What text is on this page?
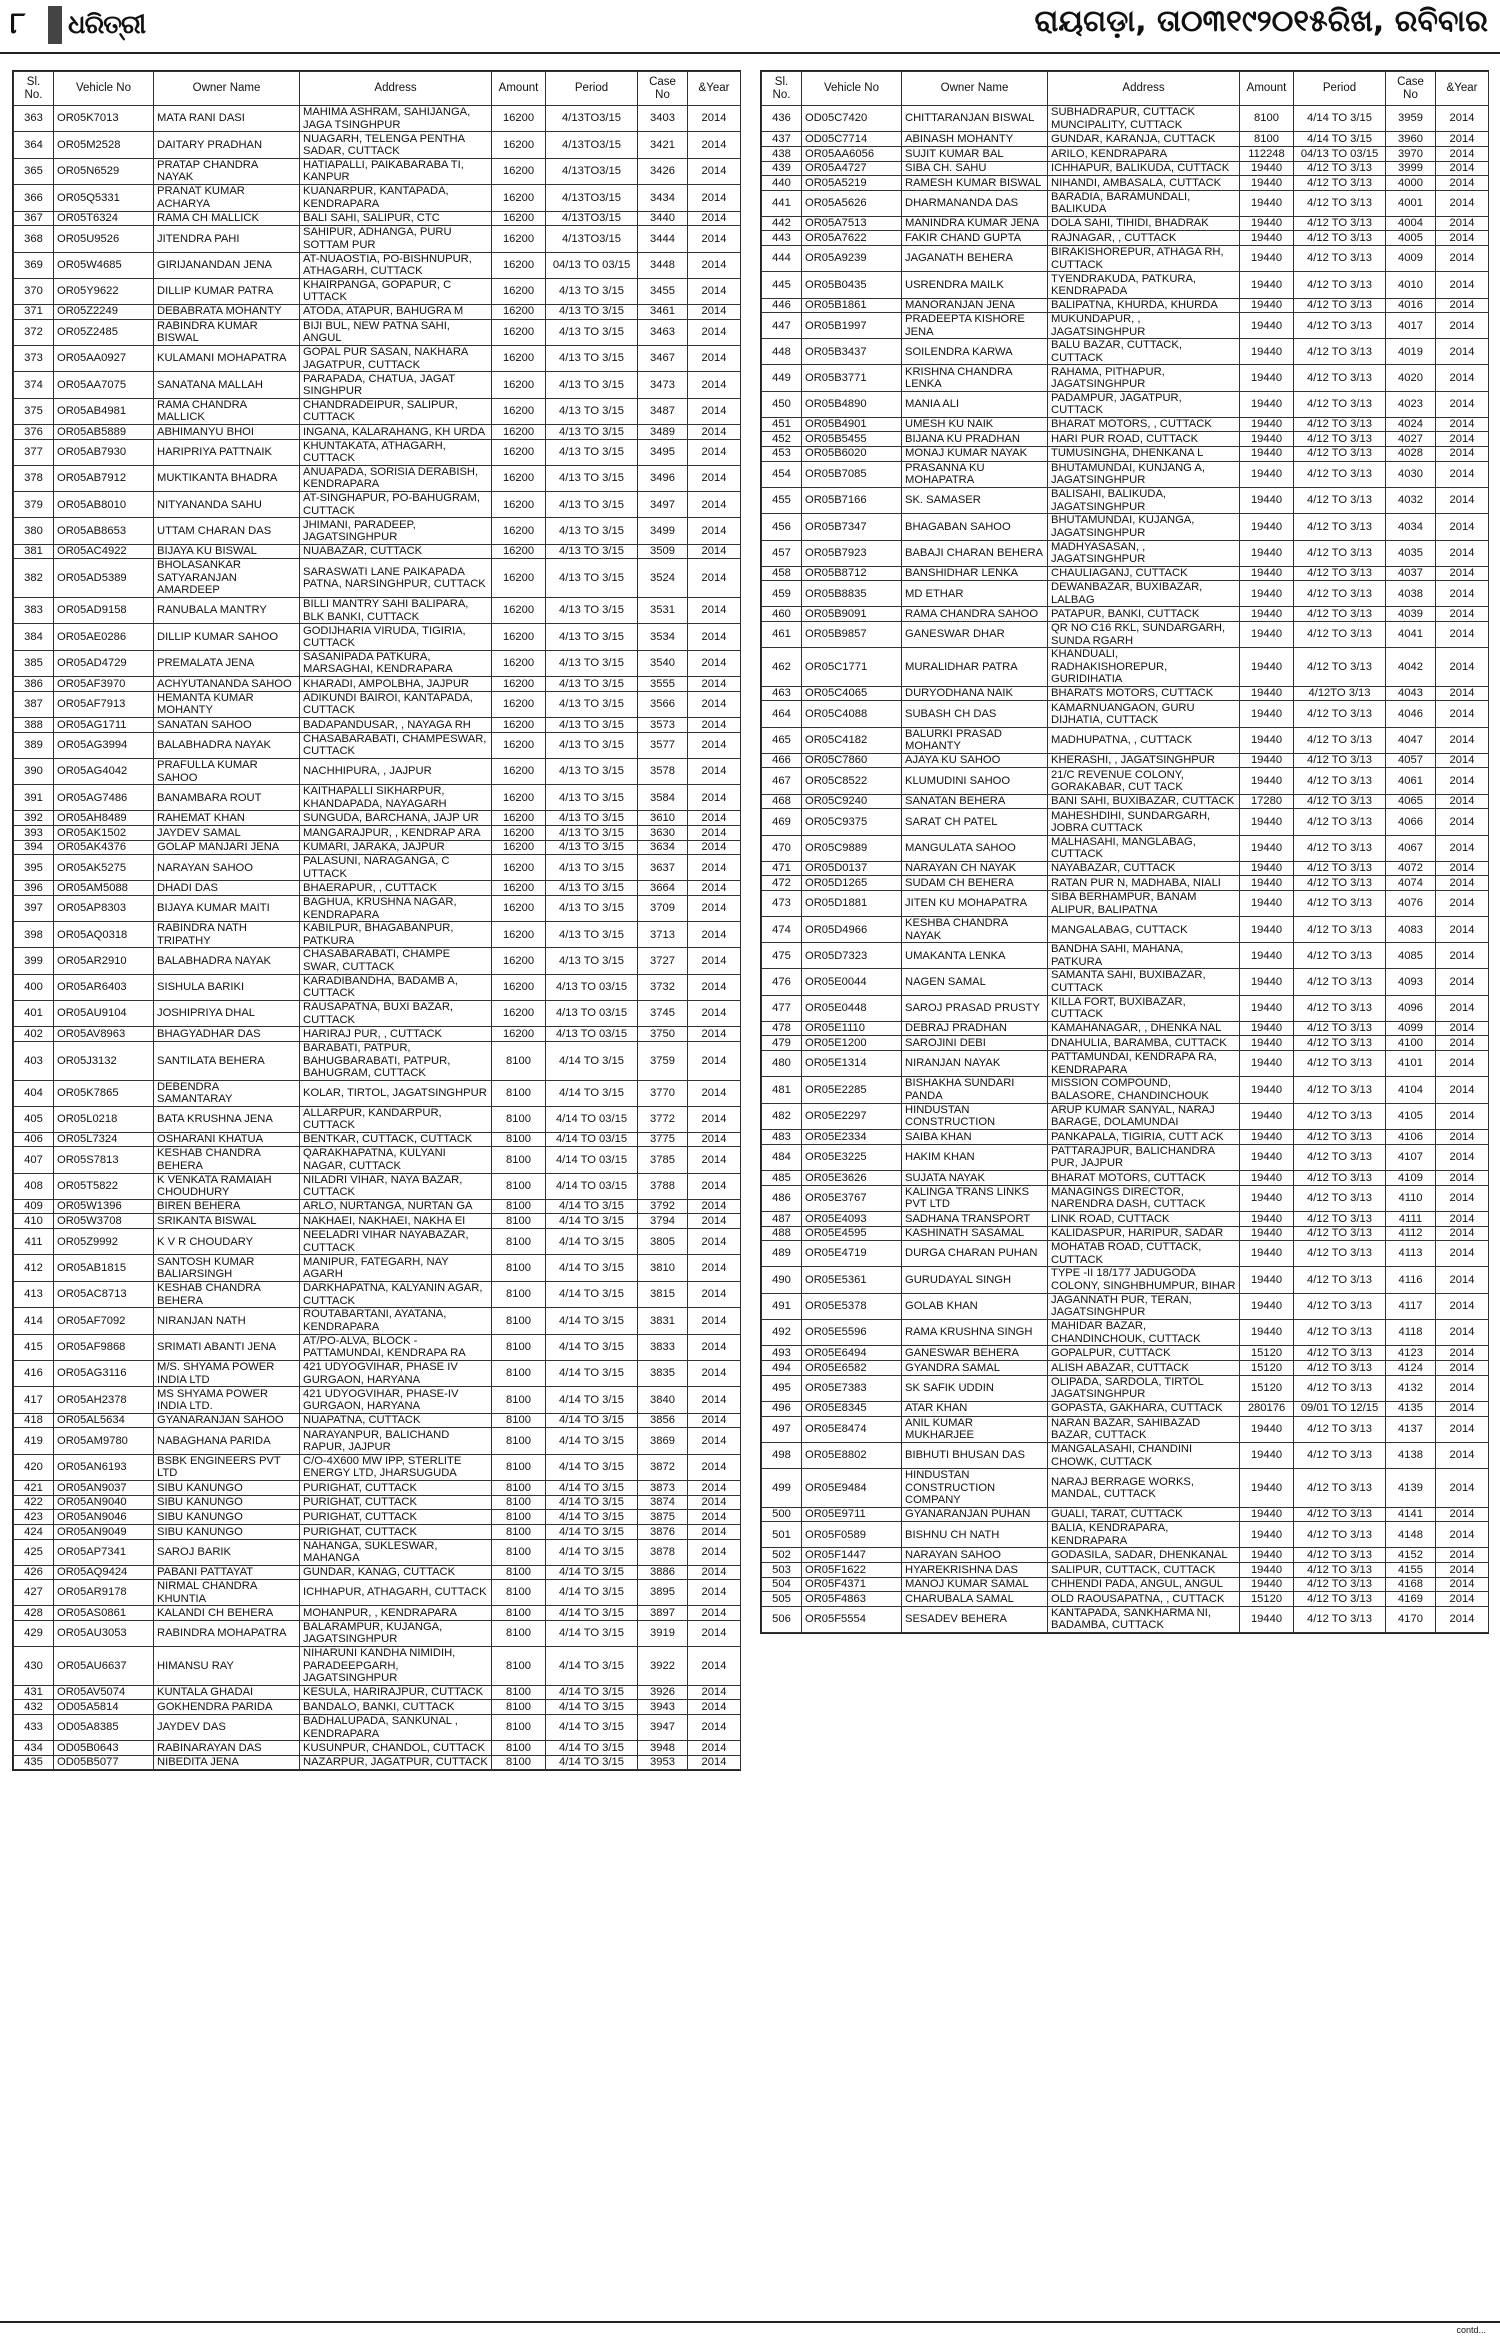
୮ ଧରିତ୍ରୀ	ରାୟଗଡ଼ା, ତା୦୩୧୯୨୦୧୫ରିଖ, ରବିବାର
Sl. No.	Vehicle No	Owner Name	Address	Amount	Period	Case No	&Year
363	OR05K7013	MATA RANI DASI	MAHIMA ASHRAM, SAHIJANGA, JAGA TSINGHPUR	16200	4/13TO3/15	3403	2014
364	OR05M2528	DAITARY PRADHAN	NUAGARH, TELENGA PENTHA SADAR, CUTTACK	16200	4/13TO3/15	3421	2014
365	OR05N6529	PRATAP CHANDRA NAYAK	HATIAPALLI, PAIKABARABA TI, KANPUR	16200	4/13TO3/15	3426	2014
366	OR05Q5331	PRANAT KUMAR ACHARYA	KUANARPUR, KANTAPADA, KENDRAPARA	16200	4/13TO3/15	3434	2014
367	OR05T6324	RAMA CH MALLICK	BALI SAHI, SALIPUR, CTC	16200	4/13TO3/15	3440	2014
368	OR05U9526	JITENDRA PAHI	SAHIPUR, ADHANGA, PURU SOTTAM PUR	16200	4/13TO3/15	3444	2014
369	OR05W4685	GIRIJANANDAN JENA	AT-NUAOSTIA, PO-BISHNUPUR, ATHAGARH, CUTTACK	16200	04/13 TO 03/15	3448	2014
370	OR05Y9622	DILLIP KUMAR PATRA	KHAIRPANGA, GOPAPUR, C UTTACK	16200	4/13 TO 3/15	3455	2014
371	OR05Z2249	DEBABRATA MOHANTY	ATODA, ATAPUR, BAHUGRA M	16200	4/13 TO 3/15	3461	2014
372	OR05Z2485	RABINDRA KUMAR BISWAL	BIJI BUL, NEW PATNA SAHI, ANGUL	16200	4/13 TO 3/15	3463	2014
373	OR05AA0927	KULAMANI MOHAPATRA	GOPAL PUR SASAN, NAKHARA JAGATPUR, CUTTACK	16200	4/13 TO 3/15	3467	2014
374	OR05AA7075	SANATANA MALLAH	PARAPADA, CHATUA, JAGAT SINGHPUR	16200	4/13 TO 3/15	3473	2014
375	OR05AB4981	RAMA CHANDRA MALLICK	CHANDRADEIPUR, SALIPUR, CUTTACK	16200	4/13 TO 3/15	3487	2014
376	OR05AB5889	ABHIMANYU BHOI	INGANA, KALARAHANG, KH URDA	16200	4/13 TO 3/15	3489	2014
377	OR05AB7930	HARIPRIYA PATTNAIK	KHUNTAKATA, ATHAGARH, CUTTACK	16200	4/13 TO 3/15	3495	2014
378	OR05AB7912	MUKTIKANTA BHADRA	ANUAPADA, SORISIA DERABISH, KENDRAPARA	16200	4/13 TO 3/15	3496	2014
379	OR05AB8010	NITYANANDA SAHU	AT-SINGHAPUR, PO-BAHUGRAM, CUTTACK	16200	4/13 TO 3/15	3497	2014
380	OR05AB8653	UTTAM CHARAN DAS	JHIMANI, PARADEEP, JAGATSINGHPUR	16200	4/13 TO 3/15	3499	2014
381	OR05AC4922	BIJAYA KU BISWAL	NUABAZAR, CUTTACK	16200	4/13 TO 3/15	3509	2014
382	OR05AD5389	BHOLASANKAR SATYARANJAN AMARDEEP	SARASWATI LANE PAIKAPADA PATNA, NARSINGHPUR, CUTTACK	16200	4/13 TO 3/15	3524	2014
383	OR05AD9158	RANUBALA MANTRY	BILLI MANTRY SAHI BALIPARA, BLK BANKI, CUTTACK	16200	4/13 TO 3/15	3531	2014
384	OR05AE0286	DILLIP KUMAR SAHOO	GODIJHARIA VIRUDA, TIGIRIA, CUTTACK	16200	4/13 TO 3/15	3534	2014
385	OR05AD4729	PREMALATA JENA	SASANIPADA PATKURA, MARSAGHAI, KENDRAPARA	16200	4/13 TO 3/15	3540	2014
386	OR05AF3970	ACHYUTANANDA SAHOO	KHARADI, AMPOLBHA, JAJPUR	16200	4/13 TO 3/15	3555	2014
387	OR05AF7913	HEMANTA KUMAR MOHANTY	ADIKUNDI BAIROI, KANTAPADA, CUTTACK	16200	4/13 TO 3/15	3566	2014
388	OR05AG1711	SANATAN SAHOO	BADAPANDUSAR, , NAYAGA RH	16200	4/13 TO 3/15	3573	2014
389	OR05AG3994	BALABHADRA NAYAK	CHASABARABATI, CHAMPESWAR, CUTTACK	16200	4/13 TO 3/15	3577	2014
390	OR05AG4042	PRAFULLA KUMAR SAHOO	NACHHIPURA, , JAJPUR	16200	4/13 TO 3/15	3578	2014
391	OR05AG7486	BANAMBARA ROUT	KAITHAPALLI SIKHARPUR, KHANDAPADA, NAYAGARH	16200	4/13 TO 3/15	3584	2014
392	OR05AH8489	RAHEMAT KHAN	SUNGUDA, BARCHANA, JAJP UR	16200	4/13 TO 3/15	3610	2014
393	OR05AK1502	JAYDEV SAMAL	MANGARAJPUR, , KENDRAP ARA	16200	4/13 TO 3/15	3630	2014
394	OR05AK4376	GOLAP MANJARI JENA	KUMARI, JARAKA, JAJPUR	16200	4/13 TO 3/15	3634	2014
395	OR05AK5275	NARAYAN SAHOO	PALASUNI, NARAGANGA, C UTTACK	16200	4/13 TO 3/15	3637	2014
396	OR05AM5088	DHADI DAS	BHAERAPUR, , CUTTACK	16200	4/13 TO 3/15	3664	2014
397	OR05AP8303	BIJAYA KUMAR MAITI	BAGHUA, KRUSHNA NAGAR, KENDRAPARA	16200	4/13 TO 3/15	3709	2014
398	OR05AQ0318	RABINDRA NATH TRIPATHY	KABILPUR, BHAGABANPUR, PATKURA	16200	4/13 TO 3/15	3713	2014
399	OR05AR2910	BALABHADRA NAYAK	CHASABARABATI, CHAMPE SWAR, CUTTACK	16200	4/13 TO 3/15	3727	2014
400	OR05AR6403	SISHULA BARIKI	KARADIBANDHA, BADAMB A, CUTTACK	16200	4/13 TO 03/15	3732	2014
401	OR05AU9104	JOSHIPRIYA DHAL	RAUSAPATNA, BUXI BAZAR, CUTTACK	16200	4/13 TO 03/15	3745	2014
402	OR05AV8963	BHAGYADHAR DAS	HARIRAJ PUR, , CUTTACK	16200	4/13 TO 03/15	3750	2014
403	OR05J3132	SANTILATA BEHERA	BARABATI, PATPUR, BAHUGBARABATI, PATPUR, BAHUGRAM, CUTTACK	8100	4/14 TO 3/15	3759	2014
404	OR05K7865	DEBENDRA SAMANTARAY	KOLAR, TIRTOL, JAGATSINGHPUR	8100	4/14 TO 3/15	3770	2014
405	OR05L0218	BATA KRUSHNA JENA	ALLARPUR, KANDARPUR, CUTTACK	8100	4/14 TO 03/15	3772	2014
406	OR05L7324	OSHARANI KHATUA	BENTKAR, CUTTACK, CUTTACK	8100	4/14 TO 03/15	3775	2014
407	OR05S7813	KESHAB CHANDRA BEHERA	QARAKHAPATNA, KULYANI NAGAR, CUTTACK	8100	4/14 TO 03/15	3785	2014
408	OR05T5822	K VENKATA RAMAIAH CHOUDHURY	NILADRI VIHAR, NAYA BAZAR, CUTTACK	8100	4/14 TO 03/15	3788	2014
409	OR05W1396	BIREN BEHERA	ARLO, NURTANGA, NURTAN GA	8100	4/14 TO 3/15	3792	2014
410	OR05W3708	SRIKANTA BISWAL	NAKHAEI, NAKHAEI, NAKHA EI	8100	4/14 TO 3/15	3794	2014
411	OR05Z9992	K V R CHOUDARY	NEELADRI VIHAR NAYABAZAR, CUTTACK	8100	4/14 TO 3/15	3805	2014
412	OR05AB1815	SANTOSH KUMAR BALIARSINGH	MANIPUR, FATEGARH, NAY AGARH	8100	4/14 TO 3/15	3810	2014
413	OR05AC8713	KESHAB CHANDRA BEHERA	DARKHAPATNA, KALYANIN AGAR, CUTTACK	8100	4/14 TO 3/15	3815	2014
414	OR05AF7092	NIRANJAN NATH	ROUTABARTANI, AYATANA, KENDRAPARA	8100	4/14 TO 3/15	3831	2014
415	OR05AF9868	SRIMATI ABANTI JENA	AT/PO-ALVA, BLOCK -PATTAMUNDAI, KENDRAPA RA	8100	4/14 TO 3/15	3833	2014
416	OR05AG3116	M/S. SHYAMA POWER INDIA LTD	421 UDYOGVIHAR, PHASE IV GURGAON, HARYANA	8100	4/14 TO 3/15	3835	2014
417	OR05AH2378	MS SHYAMA POWER INDIA LTD.	421 UDYOGVIHAR, PHASE-IV GURGAON, HARYANA	8100	4/14 TO 3/15	3840	2014
418	OR05AL5634	GYANARANJAN SAHOO	NUAPATNA, CUTTACK	8100	4/14 TO 3/15	3856	2014
419	OR05AM9780	NABAGHANA PARIDA	NARAYANPUR, BALICHAND RAPUR, JAJPUR	8100	4/14 TO 3/15	3869	2014
420	OR05AN6193	BSBK ENGINEERS PVT LTD	C/O-4X600 MW IPP, STERLITE ENERGY LTD, JHARSUGUDA	8100	4/14 TO 3/15	3872	2014
421	OR05AN9037	SIBU KANUNGO	PURIGHAT, CUTTACK	8100	4/14 TO 3/15	3873	2014
422	OR05AN9040	SIBU KANUNGO	PURIGHAT, CUTTACK	8100	4/14 TO 3/15	3874	2014
423	OR05AN9046	SIBU KANUNGO	PURIGHAT, CUTTACK	8100	4/14 TO 3/15	3875	2014
424	OR05AN9049	SIBU KANUNGO	PURIGHAT, CUTTACK	8100	4/14 TO 3/15	3876	2014
425	OR05AP7341	SAROJ BARIK	NAHANGA, SUKLESWAR, MAHANGA	8100	4/14 TO 3/15	3878	2014
426	OR05AQ9424	PABANI PATTAYAT	GUNDAR, KANAG, CUTTACK	8100	4/14 TO 3/15	3886	2014
427	OR05AR9178	NIRMAL CHANDRA KHUNTIA	ICHHAPUR, ATHAGARH, CUTTACK	8100	4/14 TO 3/15	3895	2014
428	OR05AS0861	KALANDI CH BEHERA	MOHANPUR, , KENDRAPARA	8100	4/14 TO 3/15	3897	2014
429	OR05AU3053	RABINDRA MOHAPATRA	BALARAMPUR, KUJANGA, JAGATSINGHPUR	8100	4/14 TO 3/15	3919	2014
430	OR05AU6637	HIMANSU RAY	NIHARUNI KANDHA NIMIDIH, PARADEEPGARH, JAGATSINGHPUR	8100	4/14 TO 3/15	3922	2014
431	OR05AV5074	KUNTALA GHADAI	KESULA, HARIRAJPUR, CUTTACK	8100	4/14 TO 3/15	3926	2014
432	OD05A5814	GOKHENDRA PARIDA	BANDALO, BANKI, CUTTACK	8100	4/14 TO 3/15	3943	2014
433	OD05A8385	JAYDEV DAS	BADHALUPADA, SANKUNAL , KENDRAPARA	8100	4/14 TO 3/15	3947	2014
434	OD05B0643	RABINARAYAN DAS	KUSUNPUR, CHANDOL, CUTTACK	8100	4/14 TO 3/15	3948	2014
435	OD05B5077	NIBEDITA JENA	NAZARPUR, JAGATPUR, CUTTACK	8100	4/14 TO 3/15	3953	2014
Sl. No.	Vehicle No	Owner Name	Address	Amount	Period	Case No	&Year
436	OD05C7420	CHITTARANJAN BISWAL	SUBHADRAPUR, CUTTACK MUNCIPALITY, CUTTACK	8100	4/14 TO 3/15	3959	2014
437	OD05C7714	ABINASH MOHANTY	GUNDAR, KARANJA, CUTTACK	8100	4/14 TO 3/15	3960	2014
438	OR05AA6056	SUJIT KUMAR BAL	ARILO, KENDRAPARA	112248	04/13 TO 03/15	3970	2014
439	OR05A4727	SIBA CH. SAHU	ICHHAPUR, BALIKUDA, CUTTACK	19440	4/12 TO 3/13	3999	2014
440	OR05A5219	RAMESH KUMAR BISWAL	NIHANDI, AMBASALA, CUTTACK	19440	4/12 TO 3/13	4000	2014
441	OR05A5626	DHARMANANDA DAS	BARADIA, BARAMUNDALI, BALIKUDA	19440	4/12 TO 3/13	4001	2014
442	OR05A7513	MANINDRA KUMAR JENA	DOLA SAHI, TIHIDI, BHADRAK	19440	4/12 TO 3/13	4004	2014
443	OR05A7622	FAKIR CHAND GUPTA	RAJNAGAR, , CUTTACK	19440	4/12 TO 3/13	4005	2014
444	OR05A9239	JAGANATH BEHERA	BIRAKISHOREPUR, ATHAGA RH, CUTTACK	19440	4/12 TO 3/13	4009	2014
445	OR05B0435	USRENDRA MAILK	TYENDRAKUDA, PATKURA, KENDRAPADA	19440	4/12 TO 3/13	4010	2014
446	OR05B1861	MANORANJAN JENA	BALIPATNA, KHURDA, KHURDA	19440	4/12 TO 3/13	4016	2014
447	OR05B1997	PRADEEPTA KISHORE JENA	MUKUNDAPUR, , JAGATSINGHPUR	19440	4/12 TO 3/13	4017	2014
448	OR05B3437	SOILENDRA KARWA	BALU BAZAR, CUTTACK, CUTTACK	19440	4/12 TO 3/13	4019	2014
449	OR05B3771	KRISHNA CHANDRA LENKA	RAHAMA, PITHAPUR, JAGATSINGHPUR	19440	4/12 TO 3/13	4020	2014
450	OR05B4890	MANIA ALI	PADAMPUR, JAGATPUR, CUTTACK	19440	4/12 TO 3/13	4023	2014
451	OR05B4901	UMESH KU NAIK	BHARAT MOTORS, , CUTTACK	19440	4/12 TO 3/13	4024	2014
452	OR05B5455	BIJANA KU PRADHAN	HARI PUR ROAD, CUTTACK	19440	4/12 TO 3/13	4027	2014
453	OR05B6020	MONAJ KUMAR NAYAK	TUMUSINGHA, DHENKANA L	19440	4/12 TO 3/13	4028	2014
454	OR05B7085	PRASANNA KU MOHAPATRA	BHUTAMUNDAI, KUNJANG A, JAGATSINGHPUR	19440	4/12 TO 3/13	4030	2014
455	OR05B7166	SK. SAMASER	BALISAHI, BALIKUDA, JAGATSINGHPUR	19440	4/12 TO 3/13	4032	2014
456	OR05B7347	BHAGABAN SAHOO	BHUTAMUNDAI, KUJANGA, JAGATSINGHPUR	19440	4/12 TO 3/13	4034	2014
457	OR05B7923	BABAJI CHARAN BEHERA	MADHYASASAN, , JAGATSINGHPUR	19440	4/12 TO 3/13	4035	2014
458	OR05B8712	BANSHIDHAR LENKA	CHAULIAGANJ, CUTTACK	19440	4/12 TO 3/13	4037	2014
459	OR05B8835	MD ETHAR	DEWANBAZAR, BUXIBAZAR, LALBAG	19440	4/12 TO 3/13	4038	2014
460	OR05B9091	RAMA CHANDRA SAHOO	PATAPUR, BANKI, CUTTACK	19440	4/12 TO 3/13	4039	2014
461	OR05B9857	GANESWAR DHAR	QR NO C16 RKL, SUNDARGARH, SUNDA RGARH	19440	4/12 TO 3/13	4041	2014
462	OR05C1771	MURALIDHAR PATRA	KHANDUALI, RADHAKISHOREPUR, GURIDIHATIA	19440	4/12 TO 3/13	4042	2014
463	OR05C4065	DURYODHANA NAIK	BHARATS MOTORS, CUTTACK	19440	4/12TO 3/13	4043	2014
464	OR05C4088	SUBASH CH DAS	KAMARNUANGAON, GURU DIJHATIA, CUTTACK	19440	4/12 TO 3/13	4046	2014
465	OR05C4182	BALURKI PRASAD MOHANTY	MADHUPATNA, , CUTTACK	19440	4/12 TO 3/13	4047	2014
466	OR05C7860	AJAYA KU SAHOO	KHERASHI, , JAGATSINGHPUR	19440	4/12 TO 3/13	4057	2014
467	OR05C8522	KLUMUDINI SAHOO	21/C REVENUE COLONY, GORAKABAR, CUT TACK	19440	4/12 TO 3/13	4061	2014
468	OR05C9240	SANATAN BEHERA	BANI SAHI, BUXIBAZAR, CUTTACK	17280	4/12 TO 3/13	4065	2014
469	OR05C9375	SARAT CH PATEL	MAHESHDIHI, SUNDARGARH, JOBRA CUTTACK	19440	4/12 TO 3/13	4066	2014
470	OR05C9889	MANGULATA SAHOO	MALHASAHI, MANGLABAG, CUTTACK	19440	4/12 TO 3/13	4067	2014
471	OR05D0137	NARAYAN CH NAYAK	NAYABAZAR, CUTTACK	19440	4/12 TO 3/13	4072	2014
472	OR05D1265	SUDAM CH BEHERA	RATAN PUR N, MADHABA, NIALI	19440	4/12 TO 3/13	4074	2014
473	OR05D1881	JITEN KU MOHAPATRA	SIBA BERHAMPUR, BANAM ALIPUR, BALIPATNA	19440	4/12 TO 3/13	4076	2014
474	OR05D4966	KESHBA CHANDRA NAYAK	MANGALABAG, CUTTACK	19440	4/12 TO 3/13	4083	2014
475	OR05D7323	UMAKANTA LENKA	BANDHA SAHI, MAHANA, PATKURA	19440	4/12 TO 3/13	4085	2014
476	OR05E0044	NAGEN SAMAL	SAMANTA SAHI, BUXIBAZAR, CUTTACK	19440	4/12 TO 3/13	4093	2014
477	OR05E0448	SAROJ PRASAD PRUSTY	KILLA FORT, BUXIBAZAR, CUTTACK	19440	4/12 TO 3/13	4096	2014
478	OR05E1110	DEBRAJ PRADHAN	KAMAHANAGAR, , DHENKA NAL	19440	4/12 TO 3/13	4099	2014
479	OR05E1200	SAROJINI DEBI	DNAHULIA, BARAMBA, CUTTACK	19440	4/12 TO 3/13	4100	2014
480	OR05E1314	NIRANJAN NAYAK	PATTAMUNDAI, KENDRAPA RA, KENDRAPARA	19440	4/12 TO 3/13	4101	2014
481	OR05E2285	BISHAKHA SUNDARI PANDA	MISSION COMPOUND, BALASORE, CHANDINCHOUK	19440	4/12 TO 3/13	4104	2014
482	OR05E2297	HINDUSTAN CONSTRUCTION	ARUP KUMAR SANYAL, NARAJ BARAGE, DOLAMUNDAI	19440	4/12 TO 3/13	4105	2014
483	OR05E2334	SAIBA KHAN	PANKAPALA, TIGIRIA, CUTT ACK	19440	4/12 TO 3/13	4106	2014
484	OR05E3225	HAKIM KHAN	PATTARAJPUR, BALICHANDRA PUR, JAJPUR	19440	4/12 TO 3/13	4107	2014
485	OR05E3626	SUJATA NAYAK	BHARAT MOTORS, CUTTACK	19440	4/12 TO 3/13	4109	2014
486	OR05E3767	KALINGA TRANS LINKS PVT LTD	MANAGINGS DIRECTOR, NARENDRA DASH, CUTTACK	19440	4/12 TO 3/13	4110	2014
487	OR05E4093	SADHANA TRANSPORT	LINK ROAD, CUTTACK	19440	4/12 TO 3/13	4111	2014
488	OR05E4595	KASHINATH SASAMAL	KALIDASPUR, HARIPUR, SADAR	19440	4/12 TO 3/13	4112	2014
489	OR05E4719	DURGA CHARAN PUHAN	MOHATAB ROAD, CUTTACK, CUTTACK	19440	4/12 TO 3/13	4113	2014
490	OR05E5361	GURUDAYAL SINGH	TYPE -II 18/177 JADUGODA COLONY, SINGHBHUMPUR, BIHAR	19440	4/12 TO 3/13	4116	2014
491	OR05E5378	GOLAB KHAN	JAGANNATH PUR, TERAN, JAGATSINGHPUR	19440	4/12 TO 3/13	4117	2014
492	OR05E5596	RAMA KRUSHNA SINGH	MAHIDAR BAZAR, CHANDINCHOUK, CUTTACK	19440	4/12 TO 3/13	4118	2014
493	OR05E6494	GANESWAR BEHERA	GOPALPUR, CUTTACK	15120	4/12 TO 3/13	4123	2014
494	OR05E6582	GYANDRA SAMAL	ALISH ABAZAR, CUTTACK	15120	4/12 TO 3/13	4124	2014
495	OR05E7383	SK SAFIK UDDIN	OLIPADA, SARDOLA, TIRTOL JAGATSINGHPUR	15120	4/12 TO 3/13	4132	2014
496	OR05E8345	ATAR KHAN	GOPASTA, GAKHARA, CUTTACK	280176	09/01 TO 12/15	4135	2014
497	OR05E8474	ANIL KUMAR MUKHARJEE	NARAN BAZAR, SAHIBAZAD BAZAR, CUTTACK	19440	4/12 TO 3/13	4137	2014
498	OR05E8802	BIBHUTI BHUSAN DAS	MANGALASAHI, CHANDINI CHOWK, CUTTACK	19440	4/12 TO 3/13	4138	2014
499	OR05E9484	HINDUSTAN CONSTRUCTION COMPANY	NARAJ BERRAGE WORKS, MANDAL, CUTTACK	19440	4/12 TO 3/13	4139	2014
500	OR05E9711	GYANARANJAN PUHAN	GUALI, TARAT, CUTTACK	19440	4/12 TO 3/13	4141	2014
501	OR05F0589	BISHNU CH NATH	BALIA, KENDRAPARA, KENDRAPARA	19440	4/12 TO 3/13	4148	2014
502	OR05F1447	NARAYAN SAHOO	GODASILA, SADAR, DHENKANAL	19440	4/12 TO 3/13	4152	2014
503	OR05F1622	HYAREKRISHNA DAS	SALIPUR, CUTTACK, CUTTACK	19440	4/12 TO 3/13	4155	2014
504	OR05F4371	MANOJ KUMAR SAMAL	CHHENDI PADA, ANGUL, ANGUL	19440	4/12 TO 3/13	4168	2014
505	OR05F4863	CHARUBALA SAMAL	OLD RAOUSAPATNA, , CUTTACK	15120	4/12 TO 3/13	4169	2014
506	OR05F5554	SESADEV BEHERA	KANTAPADA, SANKHARMA NI, BADAMBA, CUTTACK	19440	4/12 TO 3/13	4170	2014
contd...
